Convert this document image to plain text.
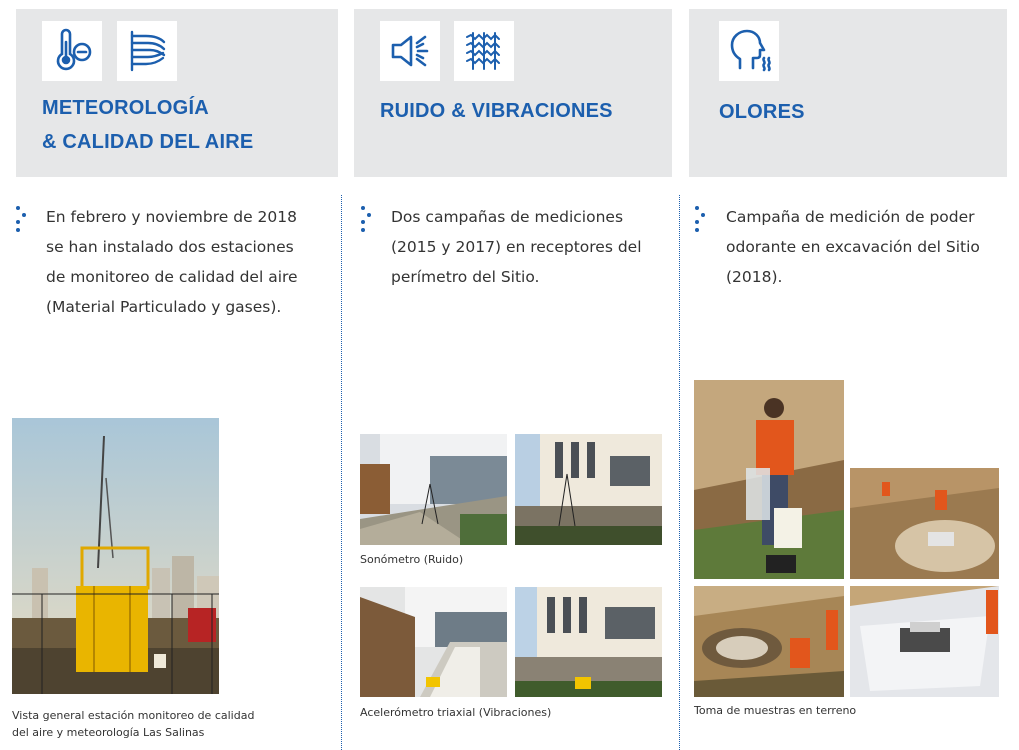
METEOROLOGÍA
& CALIDAD DEL AIRE
En febrero y noviembre de 2018
se han instalado dos estaciones
de monitoreo de calidad del aire
(Material Particulado y gases).
Vista general estación monitoreo de calidad
del aire y meteorología Las Salinas
RUIDO & VIBRACIONES
Dos campañas de mediciones
(2015 y 2017) en receptores del
perímetro del Sitio.
Sonómetro (Ruido)
Acelerómetro triaxial (Vibraciones)
OLORES
Campaña de medición de poder
odorante en excavación del Sitio
(2018).
Toma de muestras en terreno
